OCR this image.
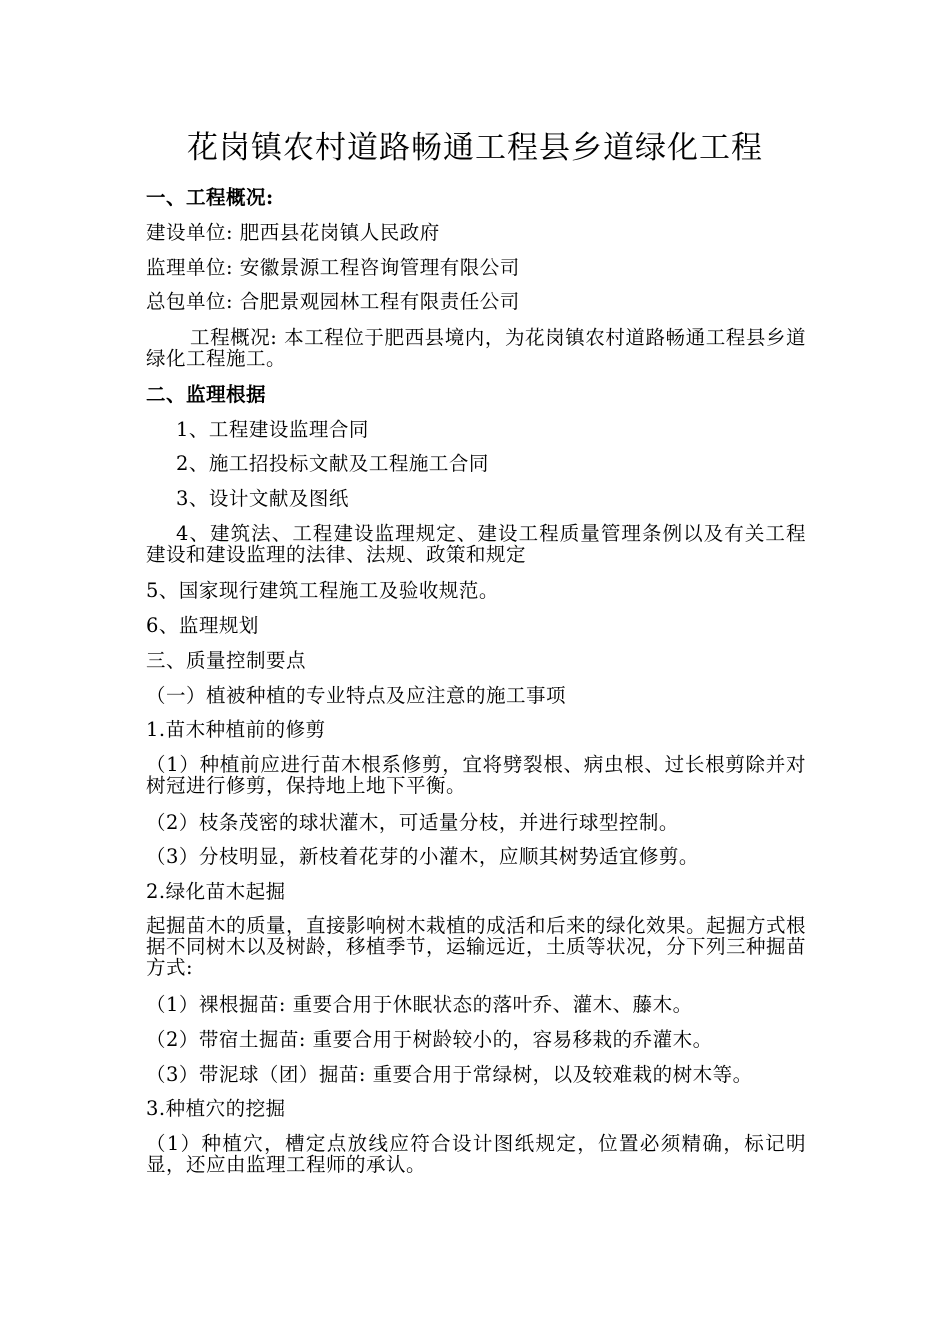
花岗镇农村道路畅通工程县乡道绿化工程
一、工程概况:
建设单位: 肥西县花岗镇人民政府
监理单位: 安徽景源工程咨询管理有限公司
总包单位: 合肥景观园林工程有限责任公司
工程概况: 本工程位于肥西县境内，为花岗镇农村道路畅通工程县乡道绿化工程施工。
二、监理根据
1、工程建设监理合同
2、施工招投标文献及工程施工合同
3、设计文献及图纸
4、建筑法、工程建设监理规定、建设工程质量管理条例以及有关工程建设和建设监理的法律、法规、政策和规定
5、国家现行建筑工程施工及验收规范。
6、监理规划
三、质量控制要点
（一）植被种植的专业特点及应注意的施工事项
1.苗木种植前的修剪
（1）种植前应进行苗木根系修剪，宜将劈裂根、病虫根、过长根剪除并对树冠进行修剪，保持地上地下平衡。
（2）枝条茂密的球状灌木，可适量分枝，并进行球型控制。
（3）分枝明显，新枝着花芽的小灌木，应顺其树势适宜修剪。
2.绿化苗木起掘
起掘苗木的质量，直接影响树木栽植的成活和后来的绿化效果。起掘方式根据不同树木以及树龄，移植季节，运输远近，土质等状况，分下列三种掘苗方式:
（1）裸根掘苗: 重要合用于休眠状态的落叶乔、灌木、藤木。
（2）带宿土掘苗: 重要合用于树龄较小的，容易移栽的乔灌木。
（3）带泥球（团）掘苗: 重要合用于常绿树，以及较难栽的树木等。
3.种植穴的挖掘
（1）种植穴，槽定点放线应符合设计图纸规定，位置必须精确，标记明显，还应由监理工程师的承认。
